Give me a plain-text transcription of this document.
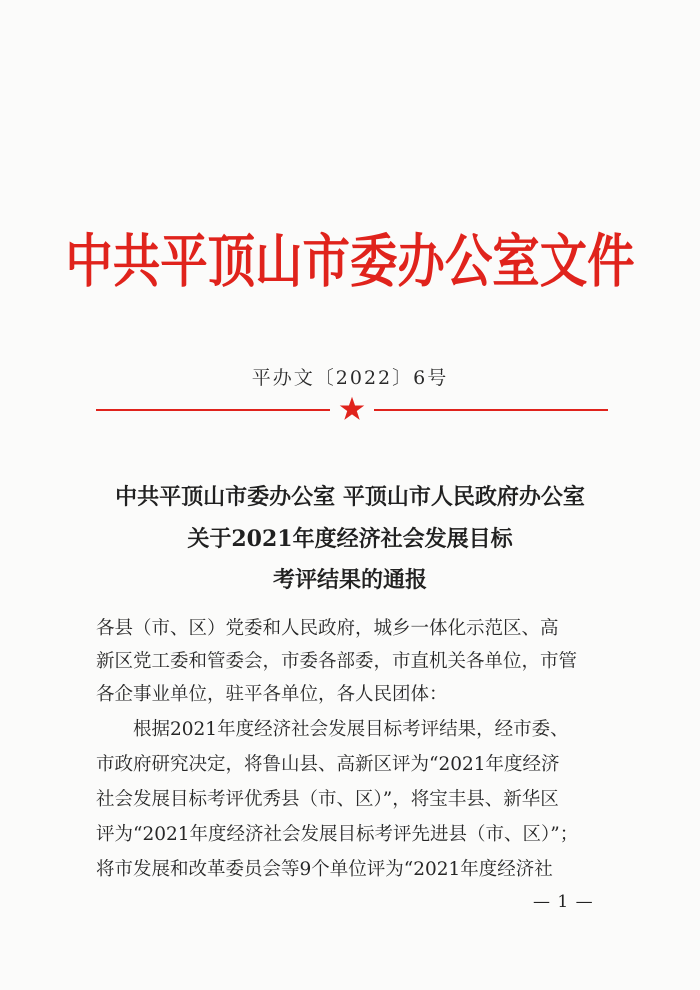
中共平顶山市委办公室文件
平办文〔2022〕6号
中共平顶山市委办公室 平顶山市人民政府办公室
关于2021年度经济社会发展目标
考评结果的通报

各县（市、区）党委和人民政府，城乡一体化示范区、高

新区党工委和管委会，市委各部委，市直机关各单位，市管

各企事业单位，驻平各单位，各人民团体：

根据2021年度经济社会发展目标考评结果，经市委、

市政府研究决定，将鲁山县、高新区评为“2021年度经济

社会发展目标考评优秀县（市、区）”，将宝丰县、新华区

评为“2021年度经济社会发展目标考评先进县（市、区）”；

将市发展和改革委员会等9个单位评为“2021年度经济社

— 1 —
